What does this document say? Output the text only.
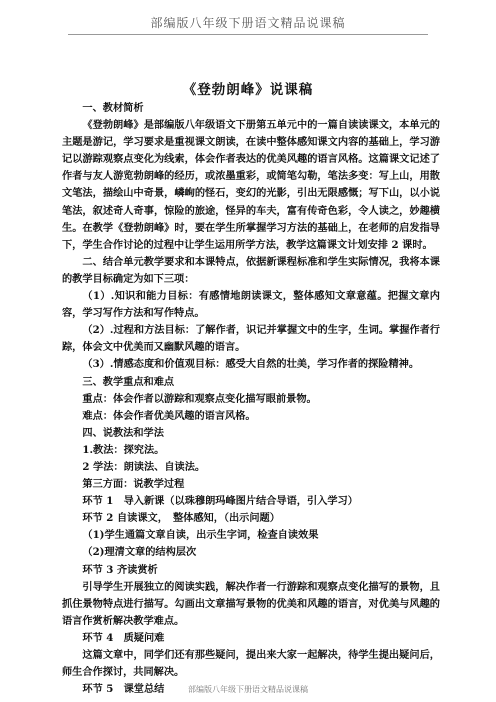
部编版八年级下册语文精品说课稿
《登勃朗峰》说课稿

一、教材简析

《登勃朗峰》是部编版八年级语文下册第五单元中的一篇自读读课文，本单元的主题是游记，学习要求是重视课文朗读，在读中整体感知课文内容的基础上，学习游记以游踪观察点变化为线索，体会作者表达的优美风趣的语言风格。这篇课文记述了作者与友人游览勃朗峰的经历，或浓墨重彩，或简笔勾勒，笔法多变：写上山，用散文笔法，描绘山中奇景，嶙峋的怪石，变幻的光影，引出无限感慨；写下山，以小说笔法，叙述奇人奇事，惊险的旅途，怪异的车夫，富有传奇色彩，令人读之，妙趣横生。在教学《登勃朗峰》时，要在学生所掌握学习方法的基础上，在老师的启发指导下，学生合作讨论的过程中让学生运用所学方法，教学这篇课文计划安排 2 课时。

二、结合单元教学要求和本课特点，依据新课程标准和学生实际情况，我将本课的教学目标确定为如下三项：

（1）.知识和能力目标：有感情地朗读课文，整体感知文章意蕴。把握文章内容，学习写作方法和写作特点。

（2）.过程和方法目标：了解作者，识记并掌握文中的生字，生词。掌握作者行踪，体会文中优美而又幽默风趣的语言。

（3）.情感态度和价值观目标：感受大自然的壮美，学习作者的探险精神。

三、教学重点和难点

重点：体会作者以游踪和观察点变化描写眼前景物。

难点：体会作者优美风趣的语言风格。

四、说教法和学法

1.教法：探究法。

2 学法：朗读法、自读法。

第三方面：说教学过程

环节 1　导入新课（以珠穆朗玛峰图片结合导语，引入学习）

环节 2 自读课文，　整体感知，（出示问题）

（1)学生通篇文章自读，出示生字词，检查自读效果

（2)理清文章的结构层次

环节 3 齐读赏析

引导学生开展独立的阅读实践，解决作者一行游踪和观察点变化描写的景物，且抓住景物特点进行描写。勾画出文章描写景物的优美和风趣的语言，对优美与风趣的语言作赏析解决教学难点。

环节 4　质疑问难

这篇文章中，同学们还有那些疑问，提出来大家一起解决，待学生提出疑问后，师生合作探讨，共同解决。

环节 5　课堂总结	部编版八年级下册语文精品说课稿
